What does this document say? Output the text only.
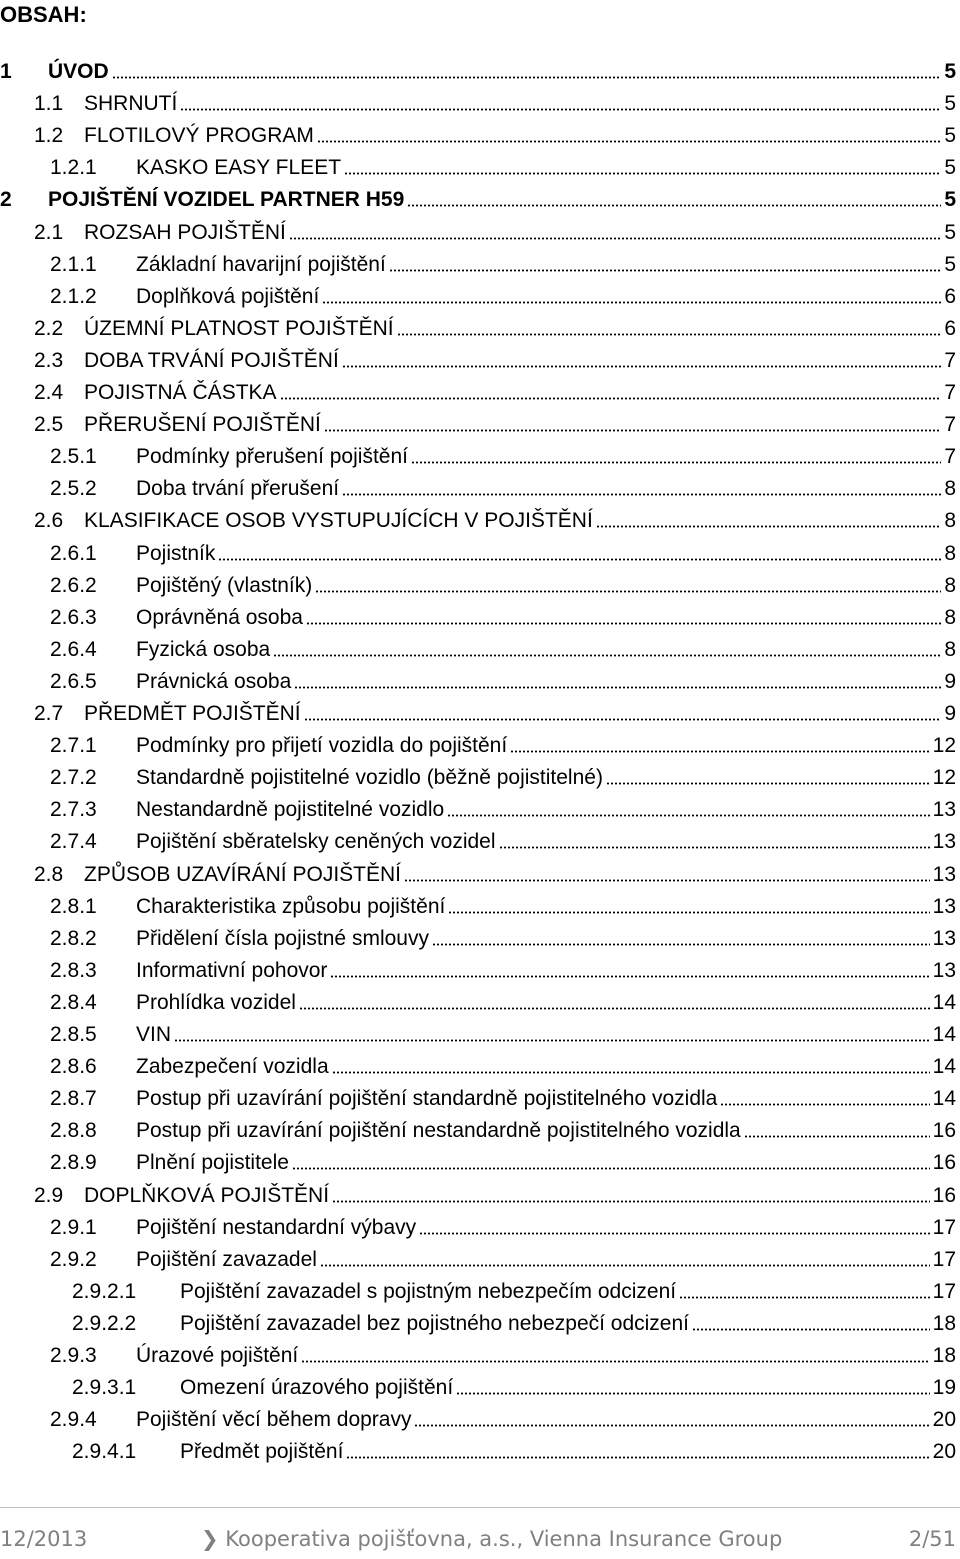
OBSAH:
1	ÚVOD	5
1.1 SHRNUTÍ	5
1.2 FLOTILOVÝ PROGRAM	5
1.2.1	KASKO EASY FLEET	5
2	POJIŠTĚNÍ VOZIDEL PARTNER H59	5
2.1 ROZSAH POJIŠTĚNÍ	5
2.1.1	Základní havarijní pojištění	5
2.1.2	Doplňková pojištění	6
2.2 ÚZEMNÍ PLATNOST POJIŠTĚNÍ	6
2.3 DOBA TRVÁNÍ POJIŠTĚNÍ	7
2.4 POJISTNÁ ČÁSTKA	7
2.5 PŘERUŠENÍ POJIŠTĚNÍ	7
2.5.1	Podmínky přerušení pojištění	7
2.5.2	Doba trvání přerušení	8
2.6 KLASIFIKACE OSOB VYSTUPUJÍCÍCH V POJIŠTĚNÍ	8
2.6.1	Pojistník	8
2.6.2	Pojištěný (vlastník)	8
2.6.3	Oprávněná osoba	8
2.6.4	Fyzická osoba	8
2.6.5	Právnická osoba	9
2.7 PŘEDMĚT POJIŠTĚNÍ	9
2.7.1	Podmínky pro přijetí vozidla do pojištění	12
2.7.2	Standardně pojistitelné vozidlo (běžně pojistitelné)	12
2.7.3	Nestandardně pojistitelné vozidlo	13
2.7.4	Pojištění sběratelsky ceněných vozidel	13
2.8 ZPŮSOB UZAVÍRÁNÍ POJIŠTĚNÍ	13
2.8.1	Charakteristika způsobu pojištění	13
2.8.2	Přidělení čísla pojistné smlouvy	13
2.8.3	Informativní pohovor	13
2.8.4	Prohlídka vozidel	14
2.8.5	VIN	14
2.8.6	Zabezpečení vozidla	14
2.8.7	Postup při uzavírání pojištění standardně pojistitelného vozidla	14
2.8.8	Postup při uzavírání pojištění nestandardně pojistitelného vozidla	16
2.8.9	Plnění pojistitele	16
2.9 DOPLŇKOVÁ POJIŠTĚNÍ	16
2.9.1	Pojištění nestandardní výbavy	17
2.9.2	Pojištění zavazadel	17
2.9.2.1	Pojištění zavazadel s pojistným nebezpečím odcizení	17
2.9.2.2	Pojištění zavazadel bez pojistného nebezpečí odcizení	18
2.9.3	Úrazové pojištění	18
2.9.3.1	Omezení úrazového pojištění	19
2.9.4	Pojištění věcí během dopravy	20
2.9.4.1	Předmět pojištění	20
12/2013	❯ Kooperativa pojišťovna, a.s., Vienna Insurance Group	2/51
